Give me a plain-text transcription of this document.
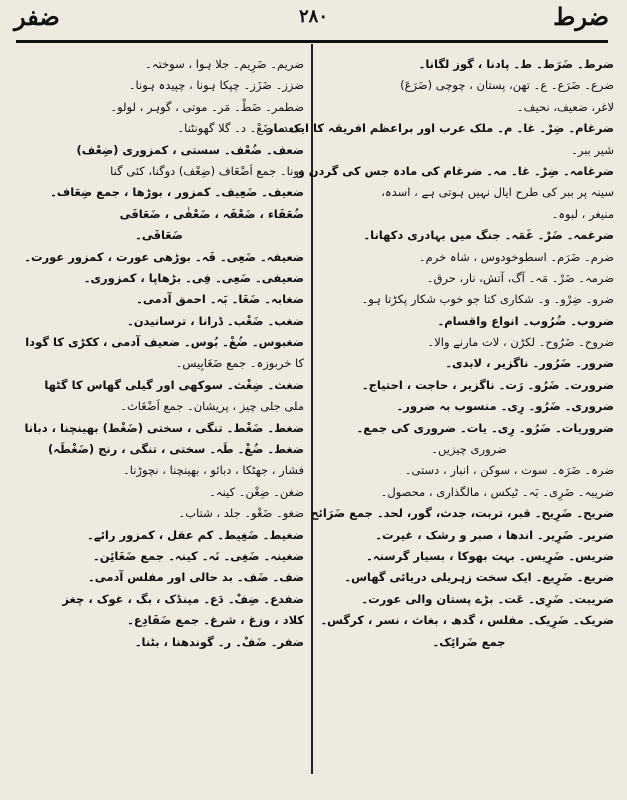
ضرط
۲۸۰
ضفر
ضرط۔ ضَرَط۔ ط۔ پادنا ، گوز لگانا۔
ضرع۔ ضَرَع۔ ع۔ تھن، پستان ، چوچی (ضَرَعَ)
لاغر، ضعیف، نحیف۔
ضرغام۔ ضِرْ۔ غا۔ م۔ ملک عرب اور براعظم افریقہ کا ایک مار
شیر ببر۔
ضرغامہ۔ ضِرْ۔ غا۔ مہ۔ ضرغام کی مادہ جس کی گردن و
سینہ پر ببر کی طرح ایال نہیں ہوتی ہے ، اسدہ،
منیغر ، لبوہ۔
ضرغمہ۔ ضَرْ۔ غَمَہ۔ جنگ میں بہادری دکھانا۔
ضرم۔ ضَرَم۔ اسطوخودوس ، شاہ خرم۔
ضرمہ۔ ضَرْ۔ مَہ۔ آگ، آتش، نار، حرق۔
ضرو۔ ضِرْو۔ و۔ شکاری کتا جو خوب شکار پکڑتا ہو۔
ضروب۔ ضُرُوب۔ انواع واقسام۔
ضروح۔ ضَرُوح۔ لکڑن ، لات مارنے والا۔
ضرور۔ ضَرُور۔ ناگزیر ، لابدی۔
ضرورت۔ ضَرُو۔ رَت۔ ناگزیر ، حاجت ، احتیاج۔
ضروری۔ ضَرُو۔ رِی۔ منسوب بہ ضرور۔
ضروریات۔ ضَرُو۔ رِی۔ یات۔ ضروری کی جمع۔
ضروری چیزیں۔
ضرہ۔ ضَرَہ۔ سوت ، سوکن ، انبار ، دستی۔
ضریبہ۔ ضَرِی۔ بَہ۔ ٹیکس ، مالگذاری ، محصول۔
ضریح۔ ضَرِیح۔ قبر، تربت، جدث، گور، لحد۔ جمع ضَرَائح
ضریر۔ ضَرِیر۔ اندھا ، صبر و رشک ، غیرت۔
ضریس۔ ضَرِیس۔ بہت بھوکا ، بسیار گرسنہ۔
ضریع۔ ضَرِیع۔ ایک سخت زہریلی دریائی گھاس۔
ضریبت۔ ضَرِی۔ عَت۔ بڑے پستان والی عورت۔
ضریک۔ ضَرِیک۔ مفلس ، گدھ ، بغاث ، نسر ، کرگس۔
جمع ضَرائِک۔
ضریم۔ ضَرِیم۔ جلا ہوا ، سوختہ۔
ضزز۔ ضَزَز۔ چپکا ہونا ، چپیدہ ہونا۔
ضطمر۔ ضَطْ۔ مَر۔ موتی ، گوہر ، لولو۔
ضعد۔ ضَعْ۔ د۔ گلا گھونٹنا۔
ضعف۔ ضُعْف۔ سستی ، کمزوری (ضِعْف)
دونا۔ جمع اَضْعَاف (ضِعْف) دوگنا، کئی گنا
ضعیف۔ ضَعِیف۔ کمزور ، بوڑھا ، جمع ضِعَاف۔
ضُعَفَاء ، ضَعْفَہ ، ضَعْفٰی ، ضَعَافَی
ضَعَافَی۔
ضعیفہ۔ ضَعِی۔ فَہ۔ بوڑھی عورت ، کمزور عورت۔
ضعیفی۔ ضَعِی۔ فِی۔ بڑھاپا ، کمزوری۔
ضغابہ۔ ضَغَا۔ بَہ۔ احمق آدمی۔
ضغب۔ ضَغْب۔ ڈرانا ، ترسانیدن۔
ضغبوس۔ ضُغْ۔ بُوس۔ ضعیف آدمی ، ککڑی کا گودا
کا خربوزہ۔ جمع ضَغَابِیس۔
ضغث۔ ضِغْث۔ سوکھی اور گیلی گھاس کا گٹھا
ملی جلی چیز ، پریشان۔ جمع اَضْغَاث۔
ضغط۔ ضَغْط۔ تنگی ، سختی (ضَغْط) بھینچنا ، دبانا
ضغط۔ ضُغْ۔ طَہ۔ سختی ، تنگی ، رنج (ضَغْطَہ)
فشار ، جھٹکا ، دبائو ، بھینچنا ، نچوڑنا۔
ضغن۔ ضِغْن۔ کینہ۔
ضغو۔ ضَغْو۔ جلد ، شتاب۔
ضغیط۔ ضَغِیط۔ کم عقل ، کمزور رائے۔
ضغینہ۔ ضَغِی۔ نَہ۔ کینہ۔ جمع ضَغَائِن۔
ضف۔ ضَف۔ بد حالی اور مفلس آدمی۔
ضفدع۔ ضِفْ۔ دَع۔ مینڈک ، بگ ، غوک ، چغز
کلاد ، وزغ ، شرغ۔ جمع ضَفَادِع۔
ضفر۔ ضَفْ۔ ر۔ گوندھنا ، بٹنا۔
